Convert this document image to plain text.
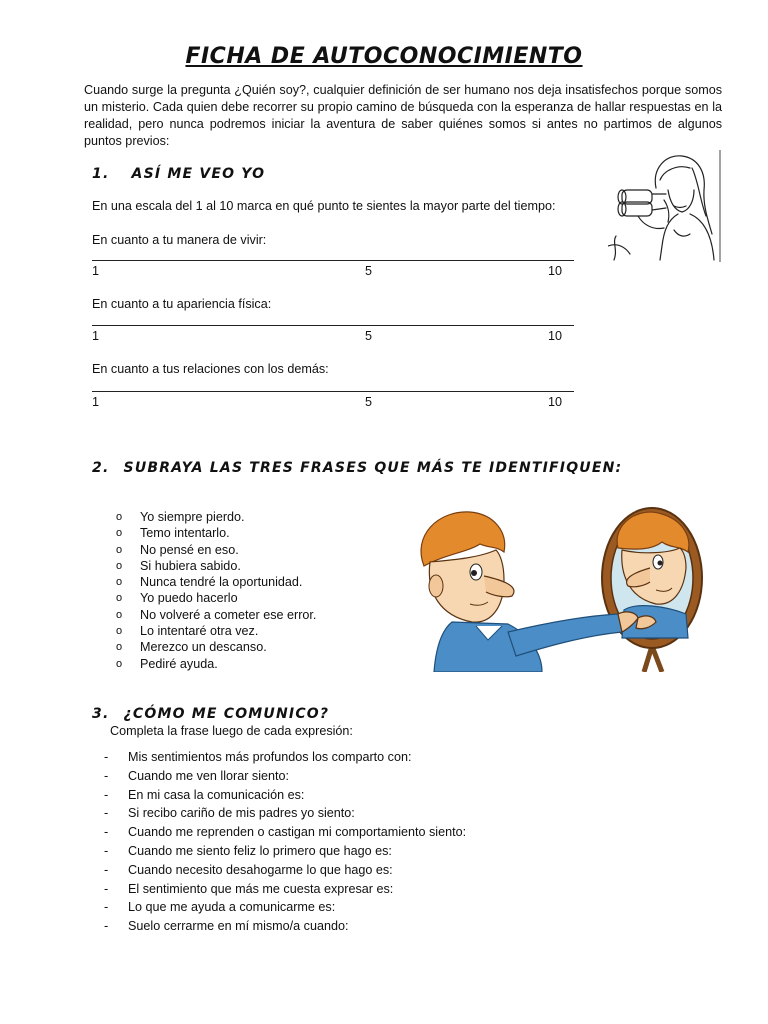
FICHA DE AUTOCONOCIMIENTO
Cuando surge la pregunta ¿Quién soy?, cualquier definición de ser humano nos deja insatisfechos porque somos un misterio. Cada quien debe recorrer su propio camino de búsqueda con la esperanza de hallar respuestas en la realidad, pero nunca podremos iniciar la aventura de saber quiénes somos si antes no partimos de algunos puntos previos:
1. ASÍ ME VEO YO
En una escala del 1 al 10 marca en qué punto te sientes la mayor parte del tiempo:
En cuanto a tu manera de vivir:
1	5	10
En cuanto a tu apariencia física:
1	5	10
En cuanto a tus relaciones con los demás:
1	5	10
2. SUBRAYA LAS TRES FRASES QUE MÁS TE IDENTIFIQUEN:
o Yo siempre pierdo.
o Temo intentarlo.
o No pensé en eso.
o Si hubiera sabido.
o Nunca tendré la oportunidad.
o Yo puedo hacerlo
o No volveré a cometer ese error.
o Lo intentaré otra vez.
o Merezco un descanso.
o Pediré ayuda.
3. ¿CÓMO ME COMUNICO?
Completa la frase luego de cada expresión:
- Mis sentimientos más profundos los comparto con:
- Cuando me ven llorar siento:
- En mi casa la comunicación es:
- Si recibo cariño de mis padres yo siento:
- Cuando me reprenden o castigan mi comportamiento siento:
- Cuando me siento feliz lo primero que hago es:
- Cuando necesito desahogarme lo que hago es:
- El sentimiento que más me cuesta expresar es:
- Lo que me ayuda a comunicarme es:
- Suelo cerrarme en mí mismo/a cuando:
